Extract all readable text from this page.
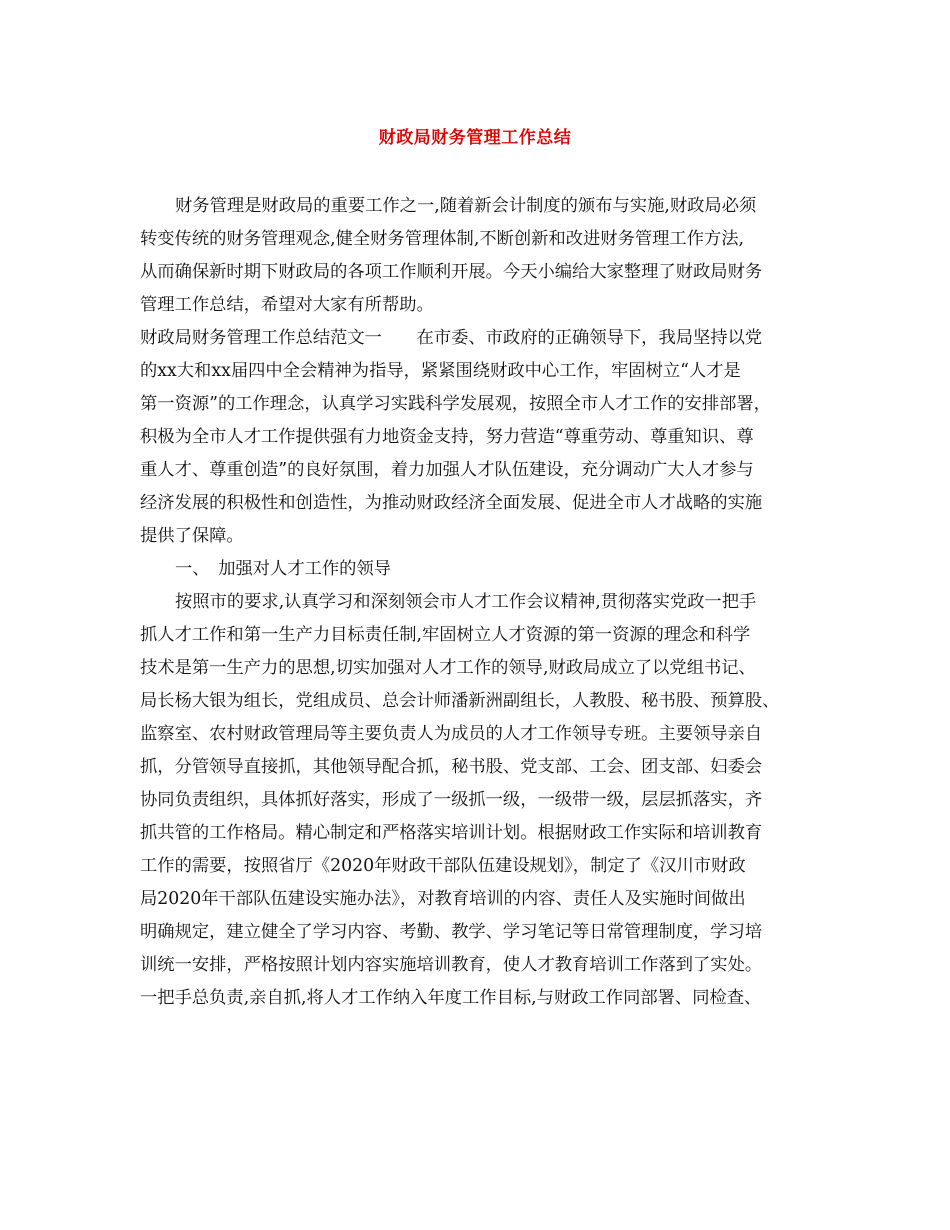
财政局财务管理工作总结
财务管理是财政局的重要工作之一,随着新会计制度的颁布与实施,财政局必须
转变传统的财务管理观念,健全财务管理体制,不断创新和改进财务管理工作方法,
从而确保新时期下财政局的各项工作顺利开展。今天小编给大家整理了财政局财务
管理工作总结，希望对大家有所帮助。
财政局财务管理工作总结范文一　　在市委、市政府的正确领导下，我局坚持以党
的xx大和xx届四中全会精神为指导，紧紧围绕财政中心工作，牢固树立“人才是
第一资源”的工作理念，认真学习实践科学发展观，按照全市人才工作的安排部署，
积极为全市人才工作提供强有力地资金支持，努力营造“尊重劳动、尊重知识、尊
重人才、尊重创造”的良好氛围，着力加强人才队伍建设，充分调动广大人才参与
经济发展的积极性和创造性，为推动财政经济全面发展、促进全市人才战略的实施
提供了保障。
一、　加强对人才工作的领导
按照市的要求,认真学习和深刻领会市人才工作会议精神,贯彻落实党政一把手
抓人才工作和第一生产力目标责任制,牢固树立人才资源的第一资源的理念和科学
技术是第一生产力的思想,切实加强对人才工作的领导,财政局成立了以党组书记、
局长杨大银为组长，党组成员、总会计师潘新洲副组长，人教股、秘书股、预算股、
监察室、农村财政管理局等主要负责人为成员的人才工作领导专班。主要领导亲自
抓，分管领导直接抓，其他领导配合抓，秘书股、党支部、工会、团支部、妇委会
协同负责组织，具体抓好落实，形成了一级抓一级，一级带一级，层层抓落实，齐
抓共管的工作格局。精心制定和严格落实培训计划。根据财政工作实际和培训教育
工作的需要，按照省厅《2020年财政干部队伍建设规划》，制定了《汉川市财政
局2020年干部队伍建设实施办法》，对教育培训的内容、责任人及实施时间做出
明确规定，建立健全了学习内容、考勤、教学、学习笔记等日常管理制度，学习培
训统一安排，严格按照计划内容实施培训教育，使人才教育培训工作落到了实处。
一把手总负责,亲自抓,将人才工作纳入年度工作目标,与财政工作同部署、同检查、
